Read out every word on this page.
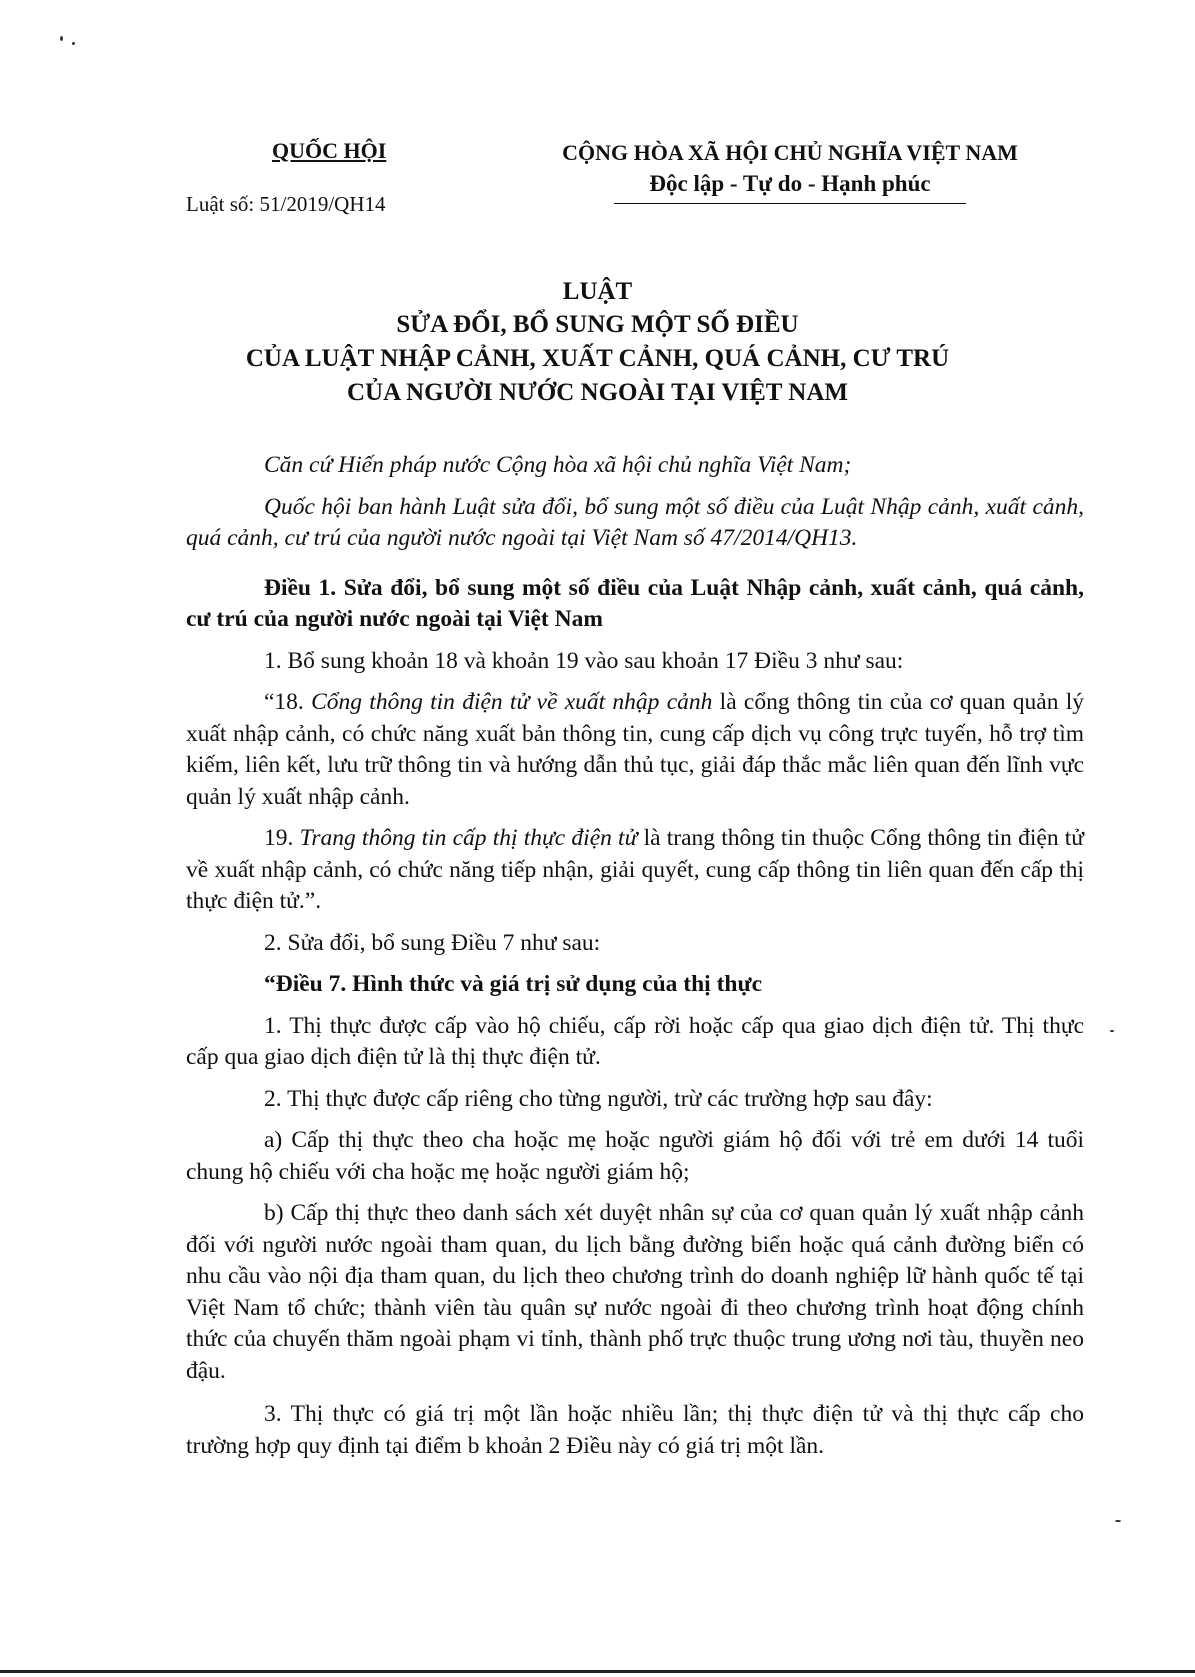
QUỐC HỘI
Luật số: 51/2019/QH14
CỘNG HÒA XÃ HỘI CHỦ NGHĨA VIỆT NAM
Độc lập - Tự do - Hạnh phúc
LUẬT
SỬA ĐỔI, BỔ SUNG MỘT SỐ ĐIỀU
CỦA LUẬT NHẬP CẢNH, XUẤT CẢNH, QUÁ CẢNH, CƯ TRÚ
CỦA NGƯỜI NƯỚC NGOÀI TẠI VIỆT NAM

Căn cứ Hiến pháp nước Cộng hòa xã hội chủ nghĩa Việt Nam;

Quốc hội ban hành Luật sửa đổi, bổ sung một số điều của Luật Nhập cảnh, xuất cảnh, quá cảnh, cư trú của người nước ngoài tại Việt Nam số 47/2014/QH13.

Điều 1. Sửa đổi, bổ sung một số điều của Luật Nhập cảnh, xuất cảnh, quá cảnh, cư trú của người nước ngoài tại Việt Nam

1. Bổ sung khoản 18 và khoản 19 vào sau khoản 17 Điều 3 như sau:

“18. Cổng thông tin điện tử về xuất nhập cảnh là cổng thông tin của cơ quan quản lý xuất nhập cảnh, có chức năng xuất bản thông tin, cung cấp dịch vụ công trực tuyến, hỗ trợ tìm kiếm, liên kết, lưu trữ thông tin và hướng dẫn thủ tục, giải đáp thắc mắc liên quan đến lĩnh vực quản lý xuất nhập cảnh.

19. Trang thông tin cấp thị thực điện tử là trang thông tin thuộc Cổng thông tin điện tử về xuất nhập cảnh, có chức năng tiếp nhận, giải quyết, cung cấp thông tin liên quan đến cấp thị thực điện tử.”.

2. Sửa đổi, bổ sung Điều 7 như sau:

“Điều 7. Hình thức và giá trị sử dụng của thị thực

1. Thị thực được cấp vào hộ chiếu, cấp rời hoặc cấp qua giao dịch điện tử. Thị thực cấp qua giao dịch điện tử là thị thực điện tử.

2. Thị thực được cấp riêng cho từng người, trừ các trường hợp sau đây:

a) Cấp thị thực theo cha hoặc mẹ hoặc người giám hộ đối với trẻ em dưới 14 tuổi chung hộ chiếu với cha hoặc mẹ hoặc người giám hộ;

b) Cấp thị thực theo danh sách xét duyệt nhân sự của cơ quan quản lý xuất nhập cảnh đối với người nước ngoài tham quan, du lịch bằng đường biển hoặc quá cảnh đường biển có nhu cầu vào nội địa tham quan, du lịch theo chương trình do doanh nghiệp lữ hành quốc tế tại Việt Nam tổ chức; thành viên tàu quân sự nước ngoài đi theo chương trình hoạt động chính thức của chuyến thăm ngoài phạm vi tỉnh, thành phố trực thuộc trung ương nơi tàu, thuyền neo đậu.

3. Thị thực có giá trị một lần hoặc nhiều lần; thị thực điện tử và thị thực cấp cho trường hợp quy định tại điểm b khoản 2 Điều này có giá trị một lần.
